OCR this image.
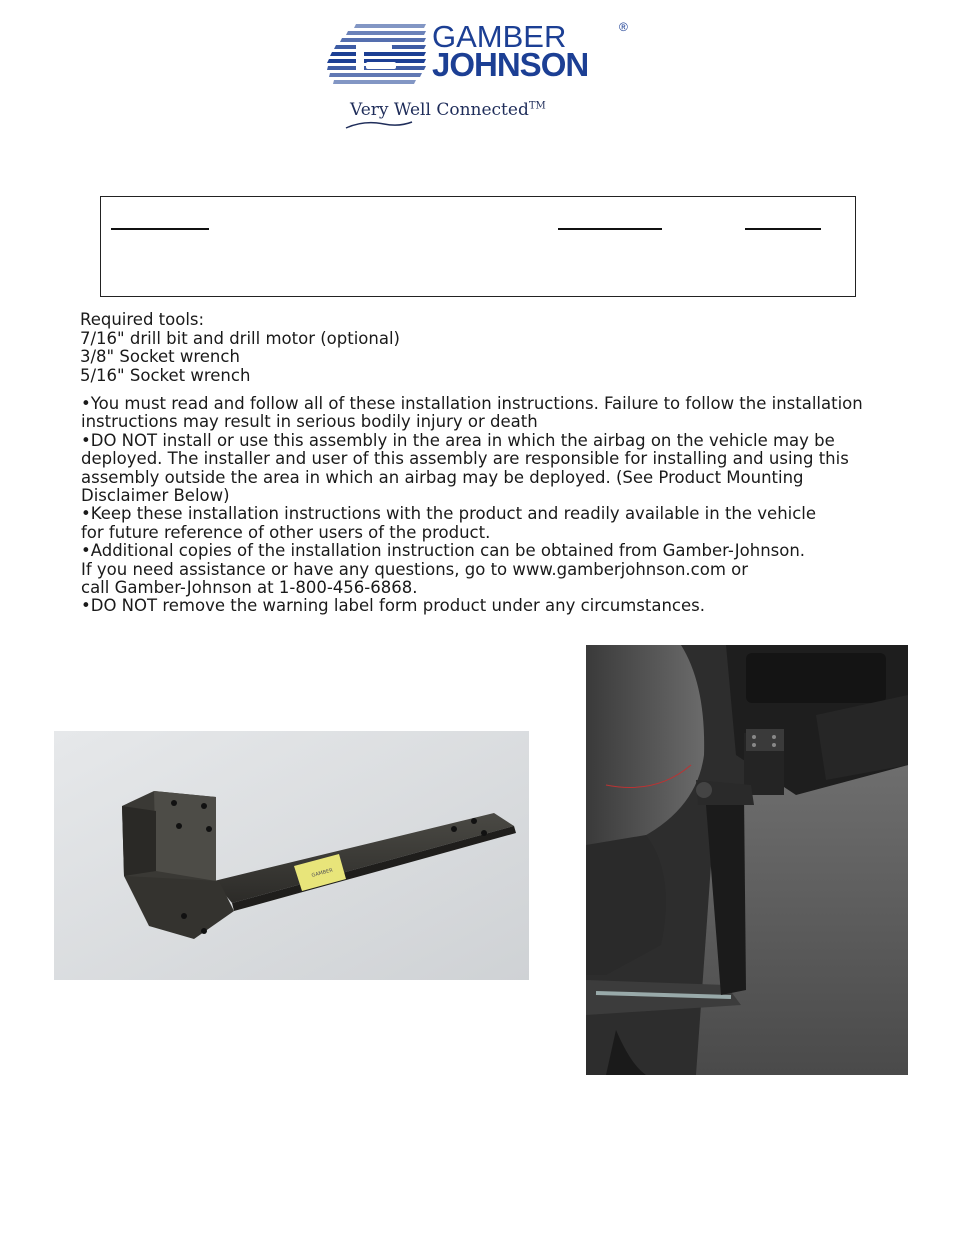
GAMBER
JOHNSON
®
Very Well Connected™
Required tools:
7/16" drill bit and drill motor (optional)
3/8" Socket wrench
5/16" Socket wrench
•You must read and follow all of these installation instructions. Failure to follow the installation
instructions may result in serious bodily injury or death
•DO NOT install or use this assembly in the area in which the airbag on the vehicle may be
deployed. The installer and user of this assembly are responsible for installing and using this
assembly outside the area in which an airbag may be deployed. (See Product Mounting
Disclaimer Below)
•Keep these installation instructions with the product and readily available in the vehicle
for future reference of other users of the product.
•Additional copies of the installation instruction can be obtained from Gamber-Johnson.
If you need assistance or have any questions, go to www.gamberjohnson.com or
call Gamber-Johnson at 1-800-456-6868.
•DO NOT remove the warning label form product under any circumstances.
GAMBER
